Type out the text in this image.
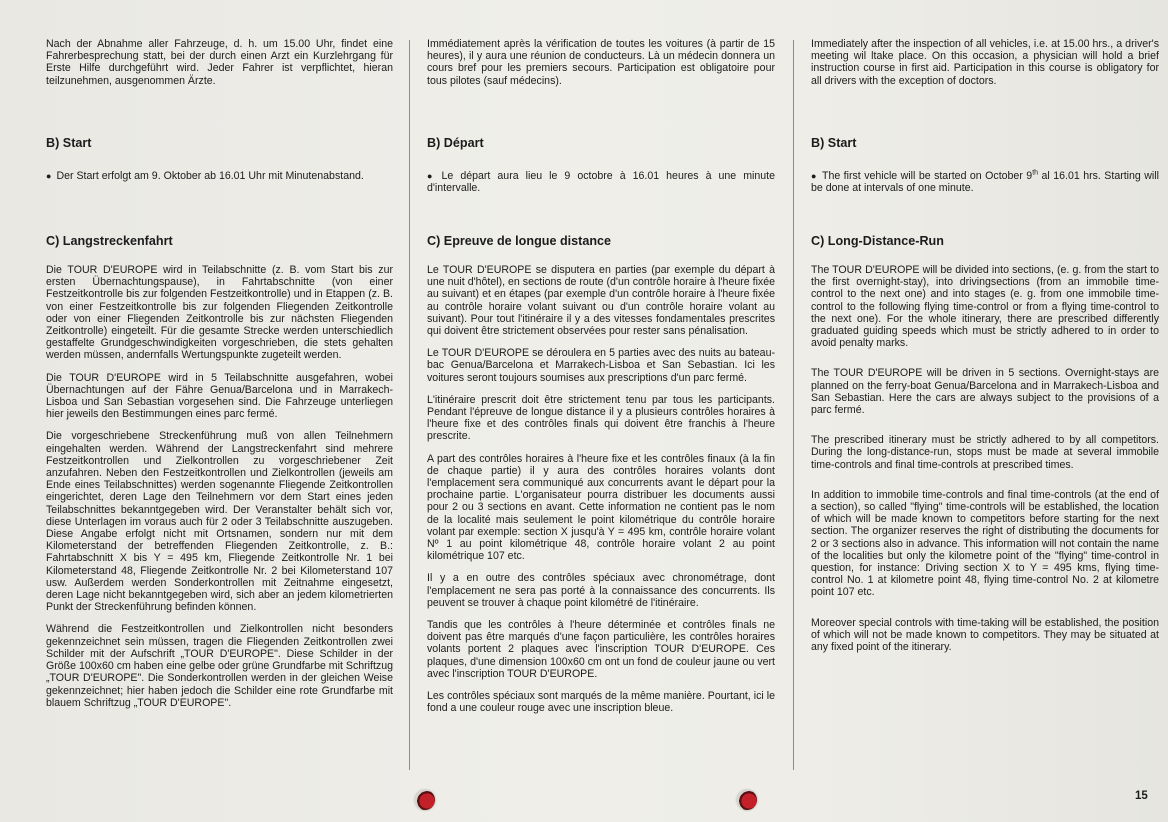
Nach der Abnahme aller Fahrzeuge, d. h. um 15.00 Uhr, findet eine Fahrerbesprechung statt, bei der durch einen Arzt ein Kurzlehrgang für Erste Hilfe durchgeführt wird. Jeder Fahrer ist verpflichtet, hieran teilzunehmen, ausgenommen Ärzte.
B) Start
● Der Start erfolgt am 9. Oktober ab 16.01 Uhr mit Minutenabstand.
C) Langstreckenfahrt

Die TOUR D'EUROPE wird in Teilabschnitte (z. B. vom Start bis zur ersten Übernachtungspause), in Fahrtabschnitte (von einer Festzeitkontrolle bis zur folgenden Festzeitkontrolle) und in Etappen (z. B. von einer Festzeitkontrolle bis zur folgenden Fliegenden Zeitkontrolle oder von einer Fliegenden Zeitkontrolle bis zur nächsten Fliegenden Zeitkontrolle) eingeteilt. Für die gesamte Strecke werden unterschiedlich gestaffelte Grundgeschwindigkeiten vorgeschrieben, die stets gehalten werden müssen, andernfalls Wertungspunkte zugeteilt werden.

Die TOUR D'EUROPE wird in 5 Teilabschnitte ausgefahren, wobei Übernachtungen auf der Fähre Genua/Barcelona und in Marrakech-Lisboa und San Sebastian vorgesehen sind. Die Fahrzeuge unterliegen hier jeweils den Bestimmungen eines parc fermé.

Die vorgeschriebene Streckenführung muß von allen Teilnehmern eingehalten werden. Während der Langstreckenfahrt sind mehrere Festzeitkontrollen und Zielkontrollen zu vorgeschriebener Zeit anzufahren. Neben den Festzeitkontrollen und Zielkontrollen (jeweils am Ende eines Teilabschnittes) werden sogenannte Fliegende Zeitkontrollen eingerichtet, deren Lage den Teilnehmern vor dem Start eines jeden Teilabschnittes bekanntgegeben wird. Der Veranstalter behält sich vor, diese Unterlagen im voraus auch für 2 oder 3 Teilabschnitte auszugeben. Diese Angabe erfolgt nicht mit Ortsnamen, sondern nur mit dem Kilometerstand der betreffenden Fliegenden Zeitkontrolle, z. B.: Fahrtabschnitt X bis Y = 495 km, Fliegende Zeitkontrolle Nr. 1 bei Kilometerstand 48, Fliegende Zeitkontrolle Nr. 2 bei Kilometerstand 107 usw. Außerdem werden Sonderkontrollen mit Zeitnahme eingesetzt, deren Lage nicht bekanntgegeben wird, sich aber an jedem kilometrierten Punkt der Streckenführung befinden können.

Während die Festzeitkontrollen und Zielkontrollen nicht besonders gekennzeichnet sein müssen, tragen die Fliegenden Zeitkontrollen zwei Schilder mit der Aufschrift „TOUR D'EUROPE". Diese Schilder in der Größe 100x60 cm haben eine gelbe oder grüne Grundfarbe mit Schriftzug „TOUR D'EUROPE". Die Sonderkontrollen werden in der gleichen Weise gekennzeichnet; hier haben jedoch die Schilder eine rote Grundfarbe mit blauem Schriftzug „TOUR D'EUROPE".

Immédiatement après la vérification de toutes les voitures (à partir de 15 heures), il y aura une réunion de conducteurs. Là un médecin donnera un cours bref pour les premiers secours. Participation est obligatoire pour tous pilotes (sauf médecins).
B) Départ
● Le départ aura lieu le 9 octobre à 16.01 heures à une minute d'intervalle.
C) Epreuve de longue distance

Le TOUR D'EUROPE se disputera en parties (par exemple du départ à une nuit d'hôtel), en sections de route (d'un contrôle horaire à l'heure fixée au suivant) et en étapes (par exemple d'un contrôle horaire à l'heure fixée au contrôle horaire volant suivant ou d'un contrôle horaire volant au suivant). Pour tout l'itinéraire il y a des vitesses fondamentales prescrites qui doivent être strictement observées pour rester sans pénalisation.

Le TOUR D'EUROPE se déroulera en 5 parties avec des nuits au bateau-bac Genua/Barcelona et Marrakech-Lisboa et San Sebastian. Ici les voitures seront toujours soumises aux prescriptions d'un parc fermé.

L'itinéraire prescrit doit être strictement tenu par tous les participants. Pendant l'épreuve de longue distance il y a plusieurs contrôles horaires à l'heure fixe et des contrôles finals qui doivent être franchis à l'heure prescrite.

A part des contrôles horaires à l'heure fixe et les contrôles finaux (à la fin de chaque partie) il y aura des contrôles horaires volants dont l'emplacement sera communiqué aux concurrents avant le départ pour la prochaine partie. L'organisateur pourra distribuer les documents aussi pour 2 ou 3 sections en avant. Cette information ne contient pas le nom de la localité mais seulement le point kilométrique du contrôle horaire volant par exemple: section X jusqu'à Y = 495 km, contrôle horaire volant Nº 1 au point kilométrique 48, contrôle horaire volant 2 au point kilométrique 107 etc.

Il y a en outre des contrôles spéciaux avec chronométrage, dont l'emplacement ne sera pas porté à la connaissance des concurrents. Ils peuvent se trouver à chaque point kilométré de l'itinéraire.

Tandis que les contrôles à l'heure déterminée et contrôles finals ne doivent pas être marqués d'une façon particulière, les contrôles horaires volants portent 2 plaques avec l'inscription TOUR D'EUROPE. Ces plaques, d'une dimension 100x60 cm ont un fond de couleur jaune ou vert avec l'inscription TOUR D'EUROPE.

Les contrôles spéciaux sont marqués de la même manière. Pourtant, ici le fond a une couleur rouge avec une inscription bleue.

Immediately after the inspection of all vehicles, i.e. at 15.00 hrs., a driver's meeting wil ltake place. On this occasion, a physician will hold a brief instruction course in first aid. Participation in this course is obligatory for all drivers with the exception of doctors.
B) Start
● The first vehicle will be started on October 9th al 16.01 hrs. Starting will be done at intervals of one minute.
C) Long-Distance-Run

The TOUR D'EUROPE will be divided into sections, (e. g. from the start to the first overnight-stay), into drivingsections (from an immobile time-control to the next one) and into stages (e. g. from one immobile time-control to the following flying time-control or from a flying time-control to the next one). For the whole itinerary, there are prescribed differently graduated guiding speeds which must be strictly adhered to in order to avoid penalty marks.

The TOUR D'EUROPE will be driven in 5 sections. Overnight-stays are planned on the ferry-boat Genua/Barcelona and in Marrakech-Lisboa and San Sebastian. Here the cars are always subject to the provisions of a parc fermé.

The prescribed itinerary must be strictly adhered to by all competitors. During the long-distance-run, stops must be made at several immobile time-controls and final time-controls at prescribed times.

In addition to immobile time-controls and final time-controls (at the end of a section), so called "flying" time-controls will be established, the location of which will be made known to competitors before starting for the next section. The organizer reserves the right of distributing the documents for 2 or 3 sections also in advance. This information will not contain the name of the localities but only the kilometre point of the "flying" time-control in question, for instance: Driving section X to Y = 495 kms, flying time-control No. 1 at kilometre point 48, flying time-control No. 2 at kilometre point 107 etc.

Moreover special controls with time-taking will be established, the position of which will not be made known to competitors. They may be situated at any fixed point of the itinerary.

15
